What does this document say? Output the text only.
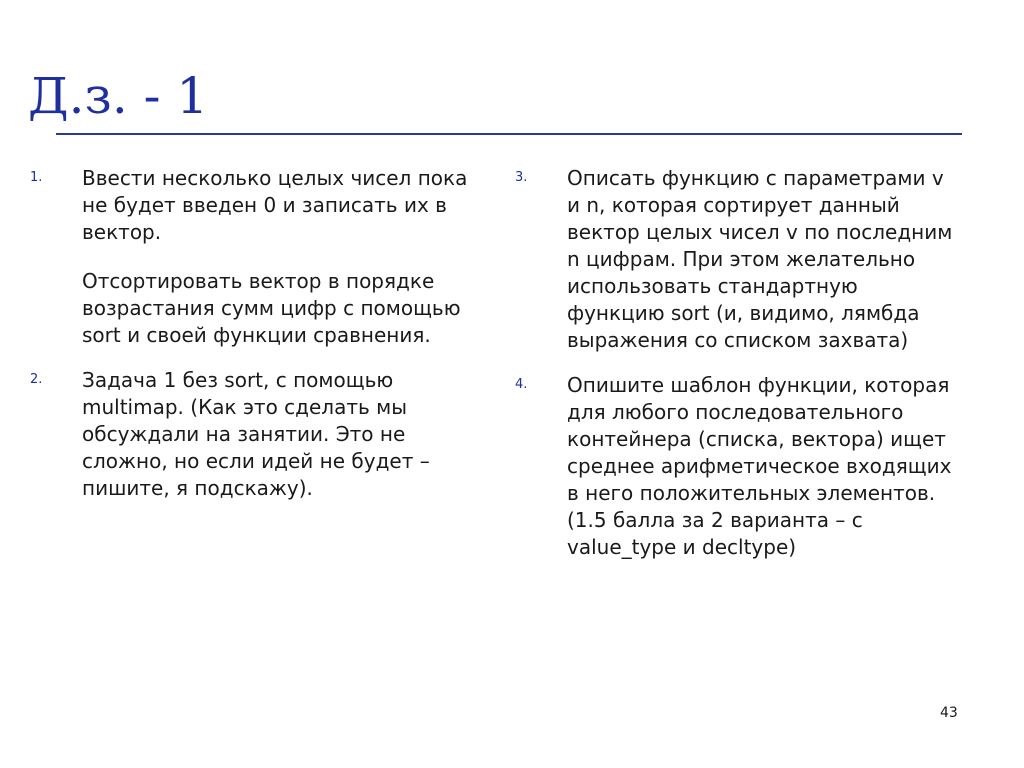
Д.з. - 1
1. Ввести несколько целых чисел пока не будет введен 0 и записать их в вектор.

Отсортировать вектор в порядке возрастания сумм цифр с помощью sort и своей функции сравнения.

2. Задача 1 без sort, с помощью multimap. (Как это сделать мы обсуждали на занятии. Это не сложно, но если идей не будет – пишите, я подскажу).

3. Описать функцию с параметрами v и n, которая сортирует данный вектор целых чисел v по последним n цифрам. При этом желательно использовать стандартную функцию sort (и, видимо, лямбда выражения со списком захвата)

4. Опишите шаблон функции, которая для любого последовательного контейнера (списка, вектора) ищет среднее арифметическое входящих в него положительных элементов. (1.5 балла за 2 варианта – с value_type и decltype)

43
